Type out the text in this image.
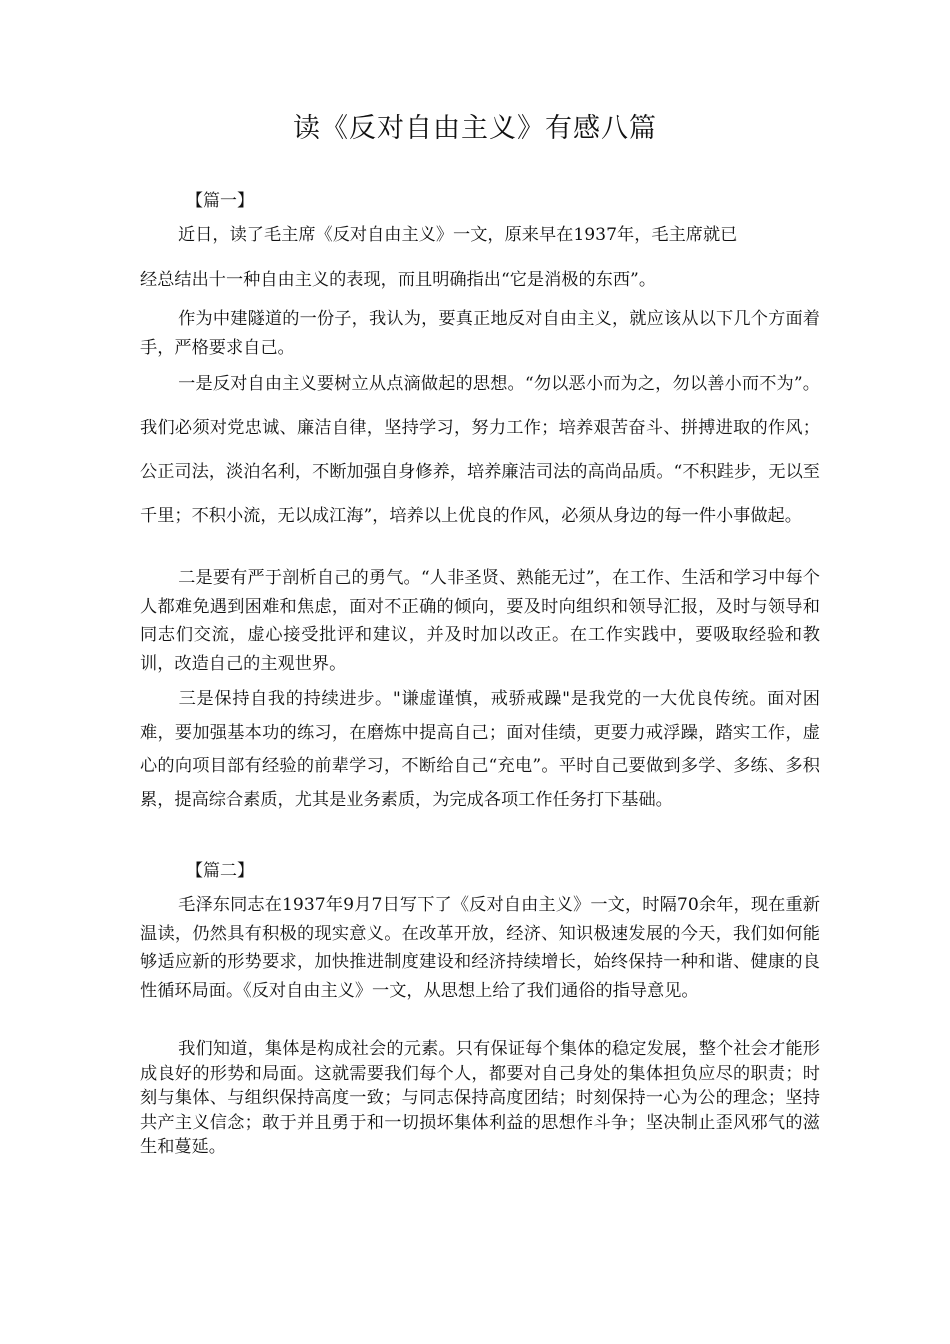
读《反对自由主义》有感八篇
【篇一】

近日，读了毛主席《反对自由主义》一文，原来早在1937年，毛主席就已

经总结出十一种自由主义的表现，而且明确指出“它是消极的东西”。

作为中建隧道的一份子，我认为，要真正地反对自由主义，就应该从以下几个方面着手，严格要求自己。

一是反对自由主义要树立从点滴做起的思想。“勿以恶小而为之，勿以善小而不为”。我们必须对党忠诚、廉洁自律，坚持学习，努力工作；培养艰苦奋斗、拼搏进取的作风；公正司法，淡泊名利，不断加强自身修养，培养廉洁司法的高尚品质。“不积跬步，无以至千里；不积小流，无以成江海”，培养以上优良的作风，必须从身边的每一件小事做起。

二是要有严于剖析自己的勇气。“人非圣贤、熟能无过”，在工作、生活和学习中每个人都难免遇到困难和焦虑，面对不正确的倾向，要及时向组织和领导汇报，及时与领导和同志们交流，虚心接受批评和建议，并及时加以改正。在工作实践中，要吸取经验和教训，改造自己的主观世界。

三是保持自我的持续进步。"谦虚谨慎，戒骄戒躁"是我党的一大优良传统。面对困难，要加强基本功的练习，在磨炼中提高自己；面对佳绩，更要力戒浮躁，踏实工作，虚心的向项目部有经验的前辈学习，不断给自己“充电”。平时自己要做到多学、多练、多积累，提高综合素质，尤其是业务素质，为完成各项工作任务打下基础。

【篇二】

毛泽东同志在1937年9月7日写下了《反对自由主义》一文，时隔70余年，现在重新温读，仍然具有积极的现实意义。在改革开放，经济、知识极速发展的今天，我们如何能够适应新的形势要求，加快推进制度建设和经济持续增长，始终保持一种和谐、健康的良性循环局面。《反对自由主义》一文，从思想上给了我们通俗的指导意见。

我们知道，集体是构成社会的元素。只有保证每个集体的稳定发展，整个社会才能形成良好的形势和局面。这就需要我们每个人，都要对自己身处的集体担负应尽的职责；时刻与集体、与组织保持高度一致；与同志保持高度团结；时刻保持一心为公的理念；坚持共产主义信念；敢于并且勇于和一切损坏集体利益的思想作斗争；坚决制止歪风邪气的滋生和蔓延。
